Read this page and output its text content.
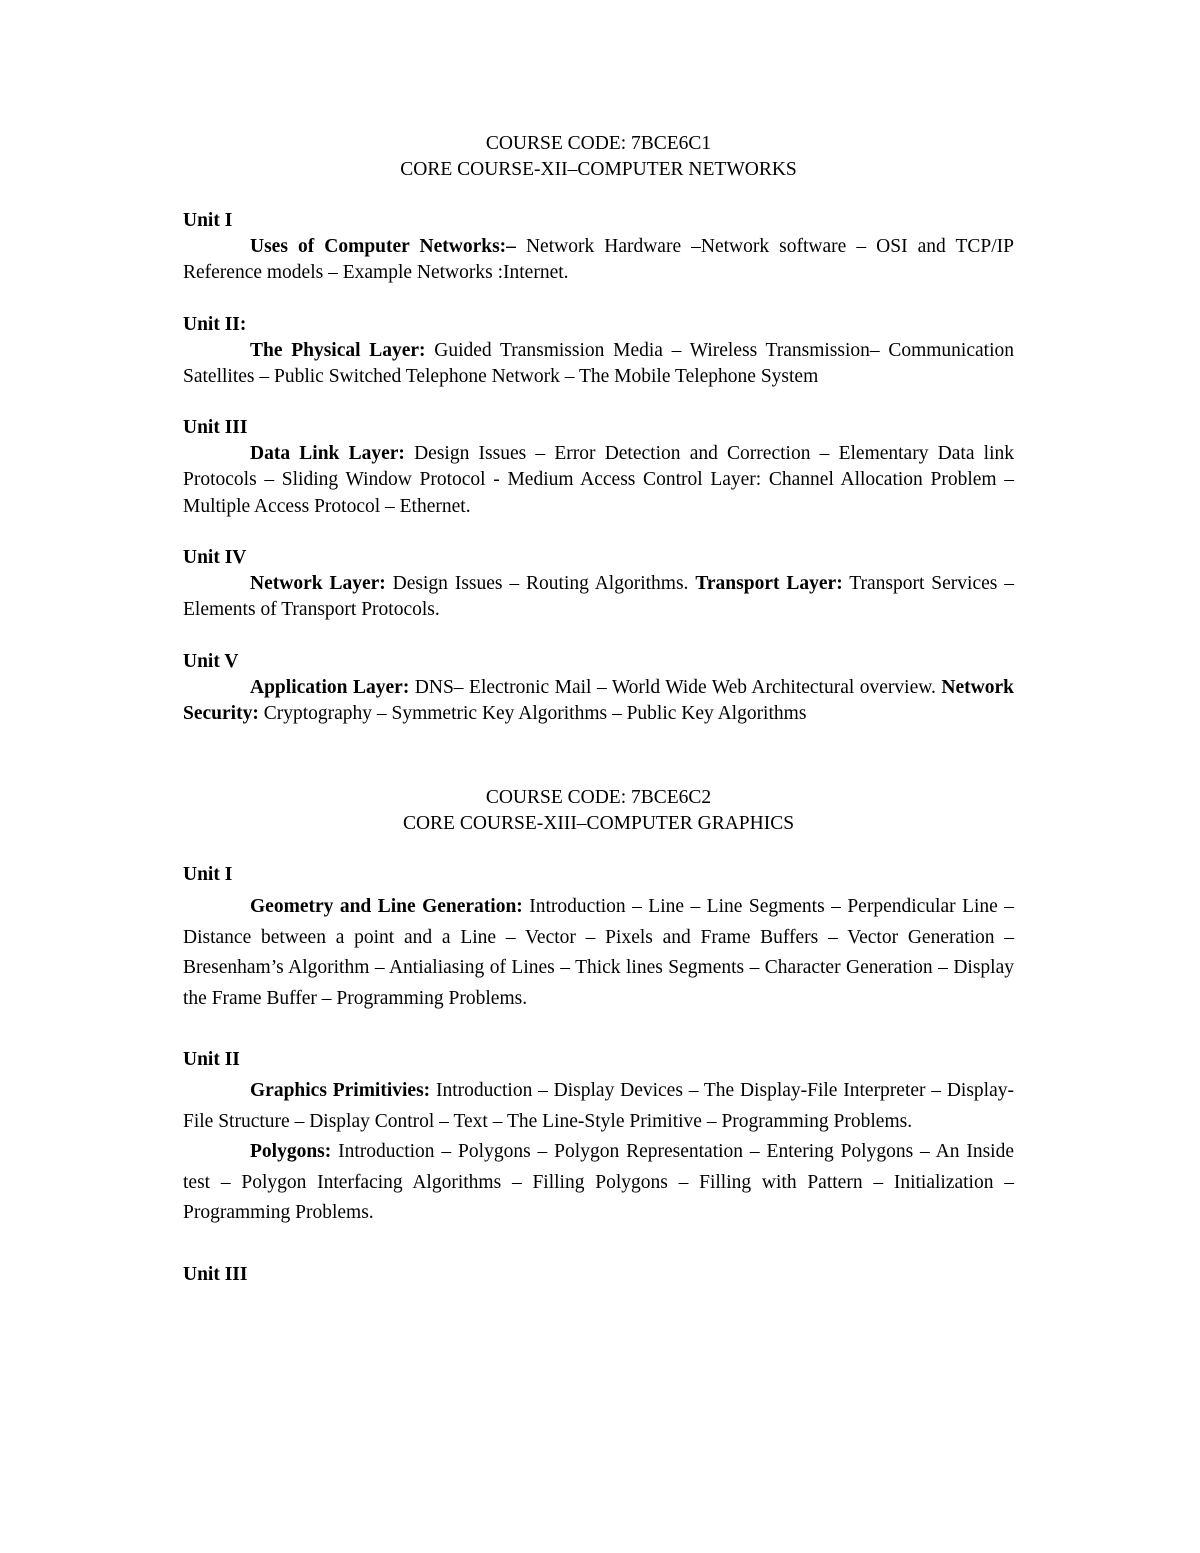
COURSE CODE: 7BCE6C1
CORE COURSE-XII–COMPUTER NETWORKS

Unit I

Uses of Computer Networks:– Network Hardware –Network software – OSI and TCP/IP Reference models – Example Networks :Internet.

Unit II:

The Physical Layer: Guided Transmission Media – Wireless Transmission– Communication Satellites – Public Switched Telephone Network – The Mobile Telephone System

Unit III

Data Link Layer: Design Issues – Error Detection and Correction – Elementary Data link Protocols – Sliding Window Protocol - Medium Access Control Layer: Channel Allocation Problem – Multiple Access Protocol – Ethernet.

Unit IV

Network Layer: Design Issues – Routing Algorithms. Transport Layer: Transport Services – Elements of Transport Protocols.

Unit V

Application Layer: DNS– Electronic Mail – World Wide Web Architectural overview. Network Security: Cryptography – Symmetric Key Algorithms – Public Key Algorithms

COURSE CODE: 7BCE6C2
CORE COURSE-XIII–COMPUTER GRAPHICS

Unit I

Geometry and Line Generation: Introduction – Line – Line Segments – Perpendicular Line – Distance between a point and a Line – Vector – Pixels and Frame Buffers – Vector Generation – Bresenham’s Algorithm – Antialiasing of Lines – Thick lines Segments – Character Generation – Display the Frame Buffer – Programming Problems.

Unit II

Graphics Primitivies: Introduction – Display Devices – The Display-File Interpreter – Display-File Structure – Display Control – Text – The Line-Style Primitive – Programming Problems.

Polygons: Introduction – Polygons – Polygon Representation – Entering Polygons – An Inside test – Polygon Interfacing Algorithms – Filling Polygons – Filling with Pattern – Initialization – Programming Problems.

Unit III
